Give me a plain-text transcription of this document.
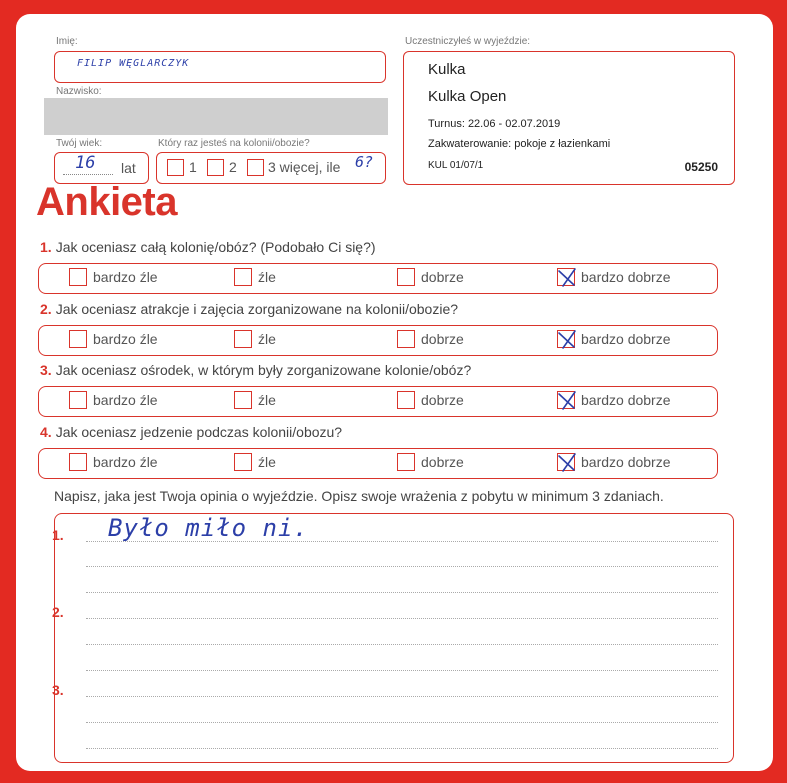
Imię:
FILIP WĘGLARCZYK
Nazwisko:
Twój wiek:
16 lat
Który raz jesteś na kolonii/obozie?
1 2 3 więcej, ile 6?
Uczestniczyłeś w wyjeździe:
Kulka
Kulka Open
Turnus: 22.06 - 02.07.2019
Zakwaterowanie: pokoje z łazienkami
KUL 01/07/1	05250
Ankieta
1. Jak oceniasz całą kolonię/obóz? (Podobało Ci się?)
bardzo źle	źle	dobrze	bardzo dobrze
2. Jak oceniasz atrakcje i zajęcia zorganizowane na kolonii/obozie?
bardzo źle	źle	dobrze	bardzo dobrze
3. Jak oceniasz ośrodek, w którym były zorganizowane kolonie/obóz?
bardzo źle	źle	dobrze	bardzo dobrze
4. Jak oceniasz jedzenie podczas kolonii/obozu?
bardzo źle	źle	dobrze	bardzo dobrze
Napisz, jaka jest Twoja opinia o wyjeździe. Opisz swoje wrażenia z pobytu w minimum 3 zdaniach.
1.
2.
3.
Było miło ni.
